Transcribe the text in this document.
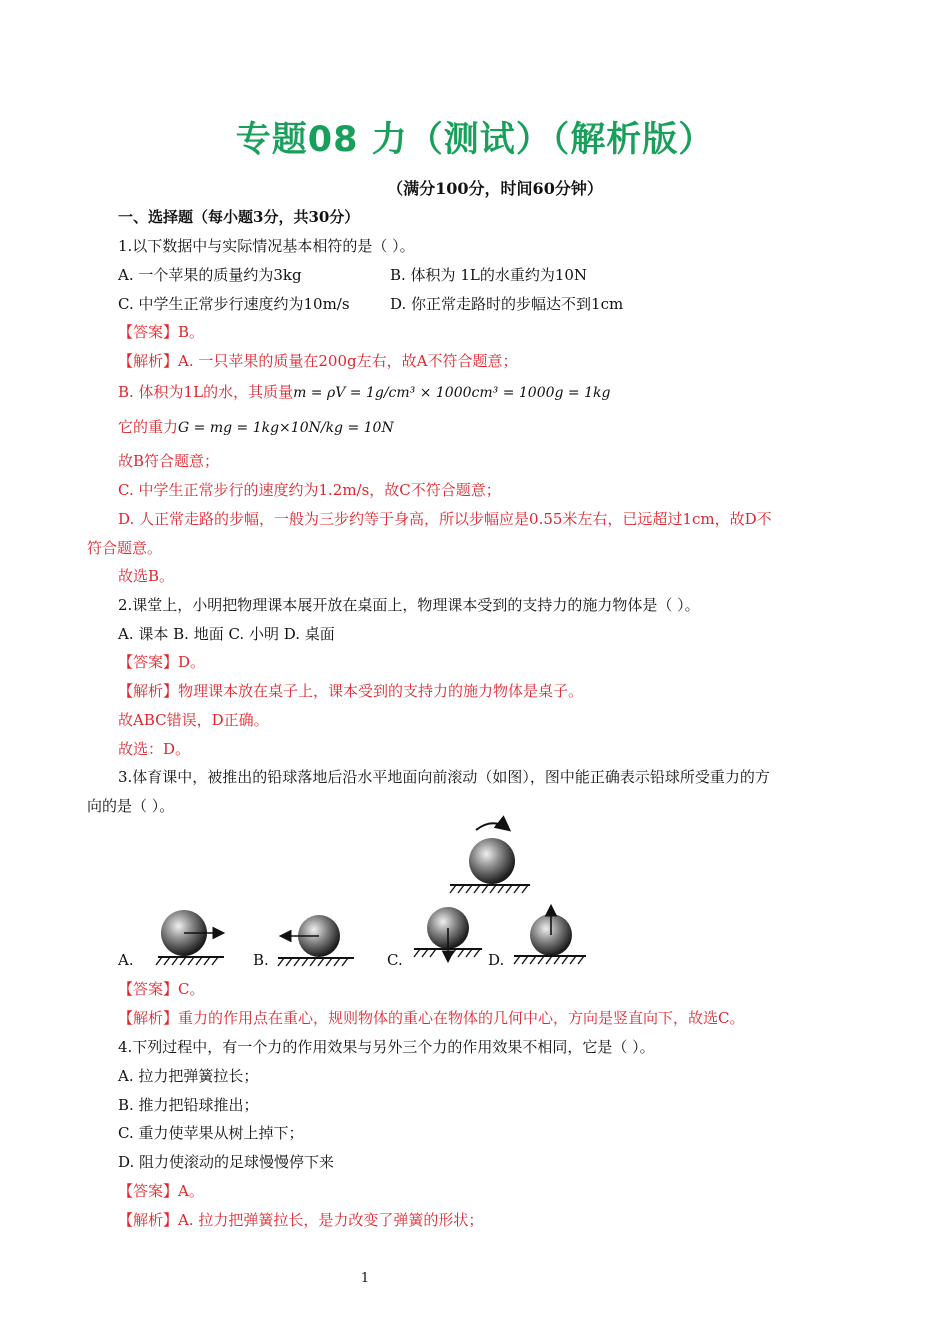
专题08 力（测试）（解析版）
（满分100分，时间60分钟）
一、选择题（每小题3分，共30分）
1.以下数据中与实际情况基本相符的是（ ）。
A. 一个苹果的质量约为3kg	B. 体积为 1L的水重约为10N
C. 中学生正常步行速度约为10m/s	D. 你正常走路时的步幅达不到1cm
【答案】B。
【解析】A. 一只苹果的质量在200g左右，故A不符合题意；
B. 体积为1L的水，其质量m = ρV = 1g/cm³ × 1000cm³ = 1000g = 1kg
它的重力G = mg = 1kg×10N/kg = 10N
故B符合题意；
C. 中学生正常步行的速度约为1.2m/s，故C不符合题意；
D. 人正常走路的步幅，一般为三步约等于身高，所以步幅应是0.55米左右，已远超过1cm，故D不
符合题意。
故选B。
2.课堂上，小明把物理课本展开放在桌面上，物理课本受到的支持力的施力物体是（ ）。
A. 课本 B. 地面 C. 小明 D. 桌面
【答案】D。
【解析】物理课本放在桌子上，课本受到的支持力的施力物体是桌子。
故ABC错误，D正确。
故选：D。
3.体育课中，被推出的铅球落地后沿水平地面向前滚动（如图），图中能正确表示铅球所受重力的方
向的是（ ）。
A.	B.	C.	D.
【答案】C。
【解析】重力的作用点在重心，规则物体的重心在物体的几何中心，方向是竖直向下，故选C。
4.下列过程中，有一个力的作用效果与另外三个力的作用效果不相同，它是（ ）。
A. 拉力把弹簧拉长；
B. 推力把铅球推出；
C. 重力使苹果从树上掉下；
D. 阻力使滚动的足球慢慢停下来
【答案】A。
【解析】A. 拉力把弹簧拉长，是力改变了弹簧的形状；
1
